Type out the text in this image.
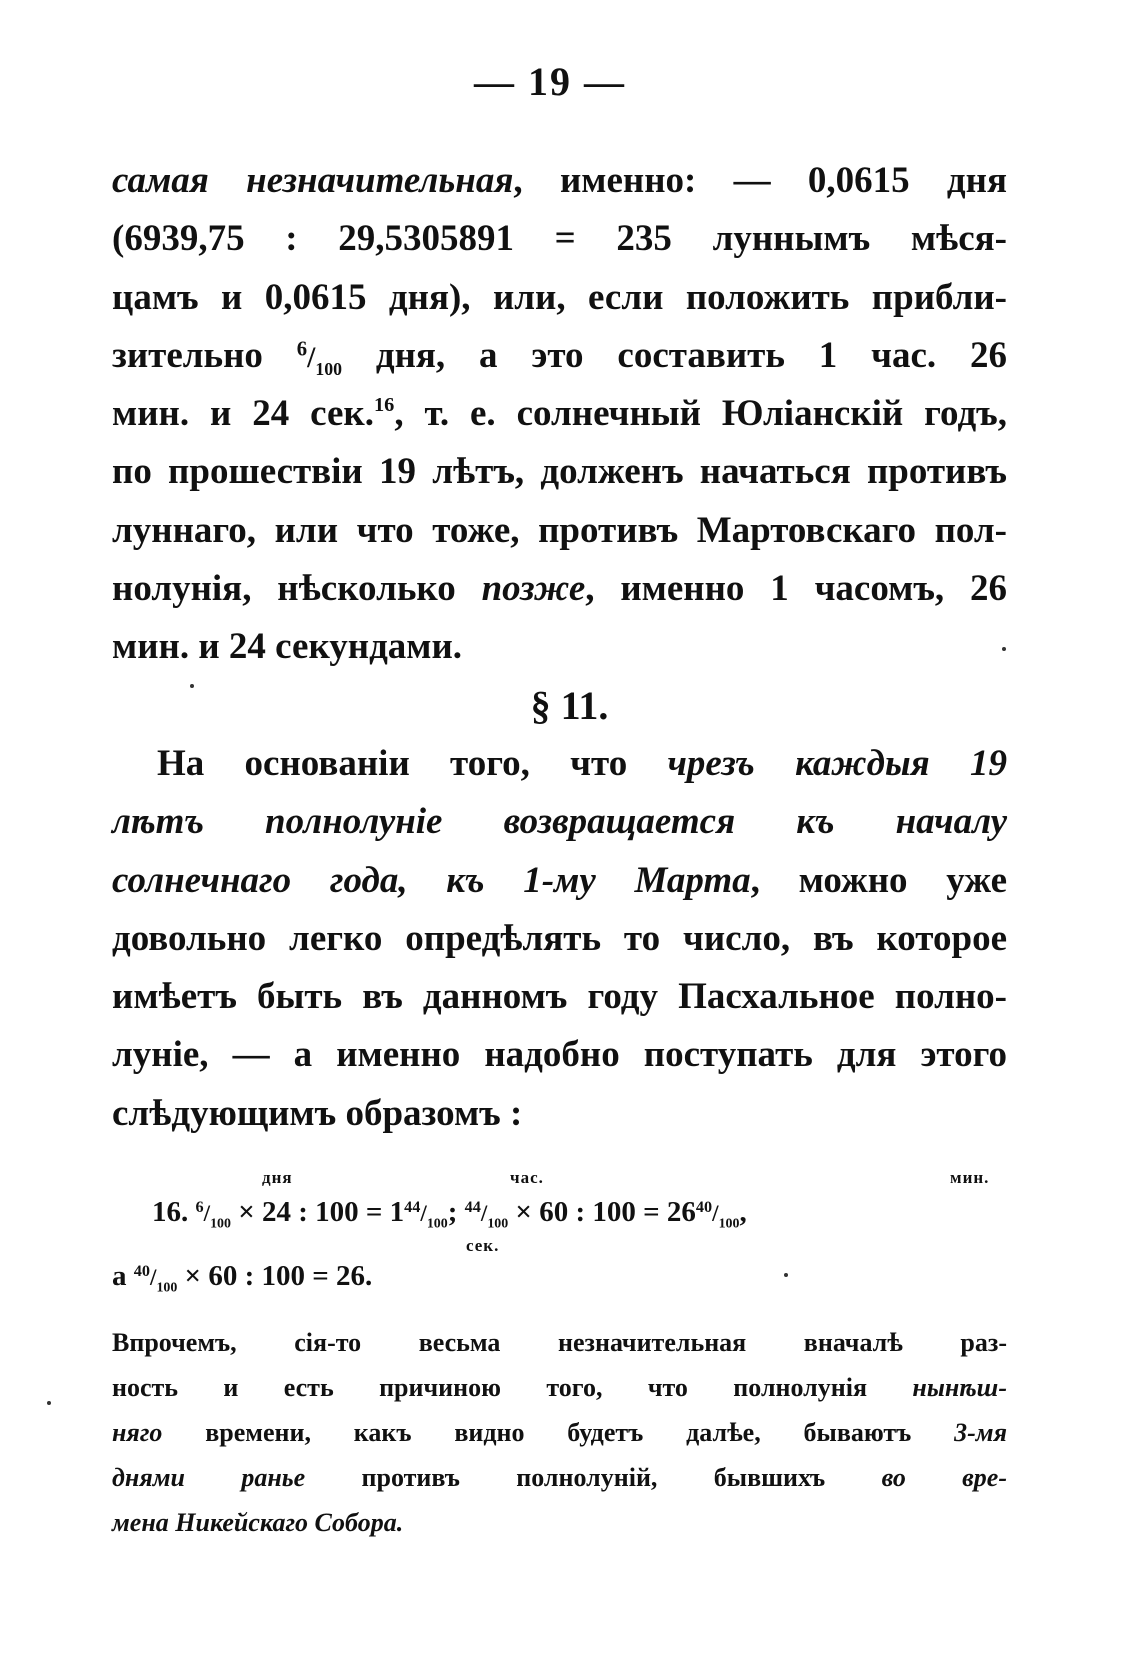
— 19 —
самая незначительная, именно: — 0,0615 дня
(6939,75 : 29,5305891 = 235 луннымъ мѣся-
цамъ и 0,0615 дня), или, если положить прибли-
зительно $^6/_{100}$ дня, а это составить 1 час. 26
мин. и 24 сек.$^{16}$, т. е. солнечный Юліанскій годъ,
по прошествіи 19 лѣтъ, долженъ начаться противъ
луннаго, или что тоже, противъ Мартовскаго пол-
нолунія, нѣсколько позже, именно 1 часомъ, 26
мин. и 24 секундами.
§ 11.
На основаніи того, что чрезъ каждыя 19
лѣтъ полнолуніе возвращается къ началу
солнечнаго года, къ 1-му Марта, можно уже
довольно легко опредѣлять то число, въ которое
имѣетъ быть въ данномъ году Пасхальное полно-
луніе, — а именно надобно поступать для этого
слѣдующимъ образомъ :
дня	час.	мин.
сек.
16. $^6/_{100} \times 24$ : $100 = 1^{44}/_{100}$; $^{44}/_{100} \times 60$ : $100 = 26^{40}/_{100}$,
а $^{40}/_{100} \times 60$ : 100 = 26.
Впрочемъ, сія-то весьма незначительная вначалѣ раз-
ность и есть причиною того, что полнолунія нынѣш-
няго времени, какъ видно будетъ далѣе, бываютъ 3-мя
днями раньe противъ полнолуній, бывшихъ во вре-
мена Никейскаго Собора.
